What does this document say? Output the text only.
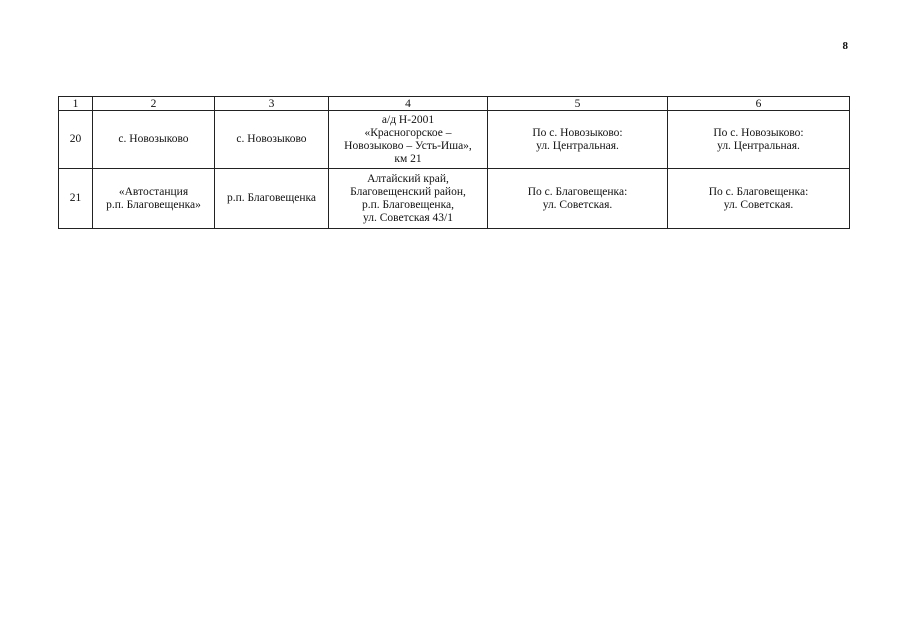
8
1	2	3	4	5	6
20	с. Новозыково	с. Новозыково	а/д Н-2001
«Красногорское –
Новозыково – Усть-Иша»,
км 21	По с. Новозыково:
ул. Центральная.	По с. Новозыково:
ул. Центральная.

21	«Автостанция
р.п. Благовещенка»	р.п. Благовещенка	Алтайский край,
Благовещенский район,
р.п. Благовещенка,
ул. Советская 43/1	По с. Благовещенка:
ул. Советская.	По с. Благовещенка:
ул. Советская.
